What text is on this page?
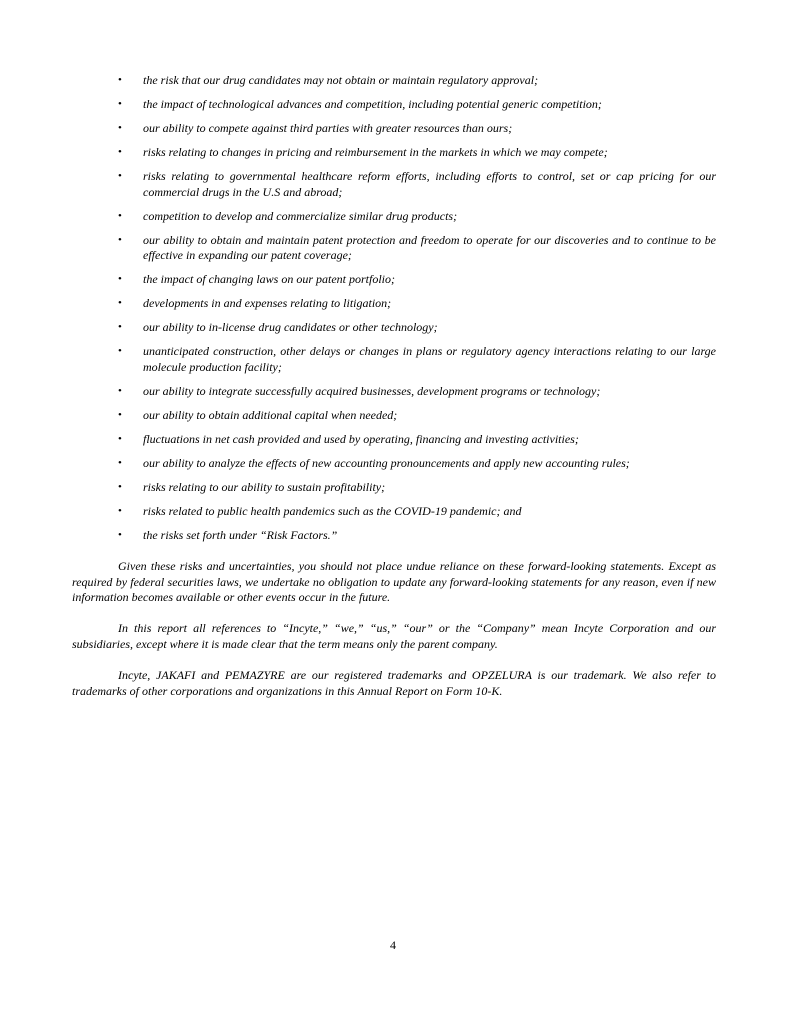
• the risk that our drug candidates may not obtain or maintain regulatory approval;
• the impact of technological advances and competition, including potential generic competition;
• our ability to compete against third parties with greater resources than ours;
• risks relating to changes in pricing and reimbursement in the markets in which we may compete;
• risks relating to governmental healthcare reform efforts, including efforts to control, set or cap pricing for our commercial drugs in the U.S and abroad;
• competition to develop and commercialize similar drug products;
• our ability to obtain and maintain patent protection and freedom to operate for our discoveries and to continue to be effective in expanding our patent coverage;
• the impact of changing laws on our patent portfolio;
• developments in and expenses relating to litigation;
• our ability to in-license drug candidates or other technology;
• unanticipated construction, other delays or changes in plans or regulatory agency interactions relating to our large molecule production facility;
• our ability to integrate successfully acquired businesses, development programs or technology;
• our ability to obtain additional capital when needed;
• fluctuations in net cash provided and used by operating, financing and investing activities;
• our ability to analyze the effects of new accounting pronouncements and apply new accounting rules;
• risks relating to our ability to sustain profitability;
• risks related to public health pandemics such as the COVID-19 pandemic; and
• the risks set forth under “Risk Factors.”

Given these risks and uncertainties, you should not place undue reliance on these forward-looking statements. Except as required by federal securities laws, we undertake no obligation to update any forward-looking statements for any reason, even if new information becomes available or other events occur in the future.

In this report all references to “Incyte,” “we,” “us,” “our” or the “Company” mean Incyte Corporation and our subsidiaries, except where it is made clear that the term means only the parent company.

Incyte, JAKAFI and PEMAZYRE are our registered trademarks and OPZELURA is our trademark. We also refer to trademarks of other corporations and organizations in this Annual Report on Form 10-K.

4
